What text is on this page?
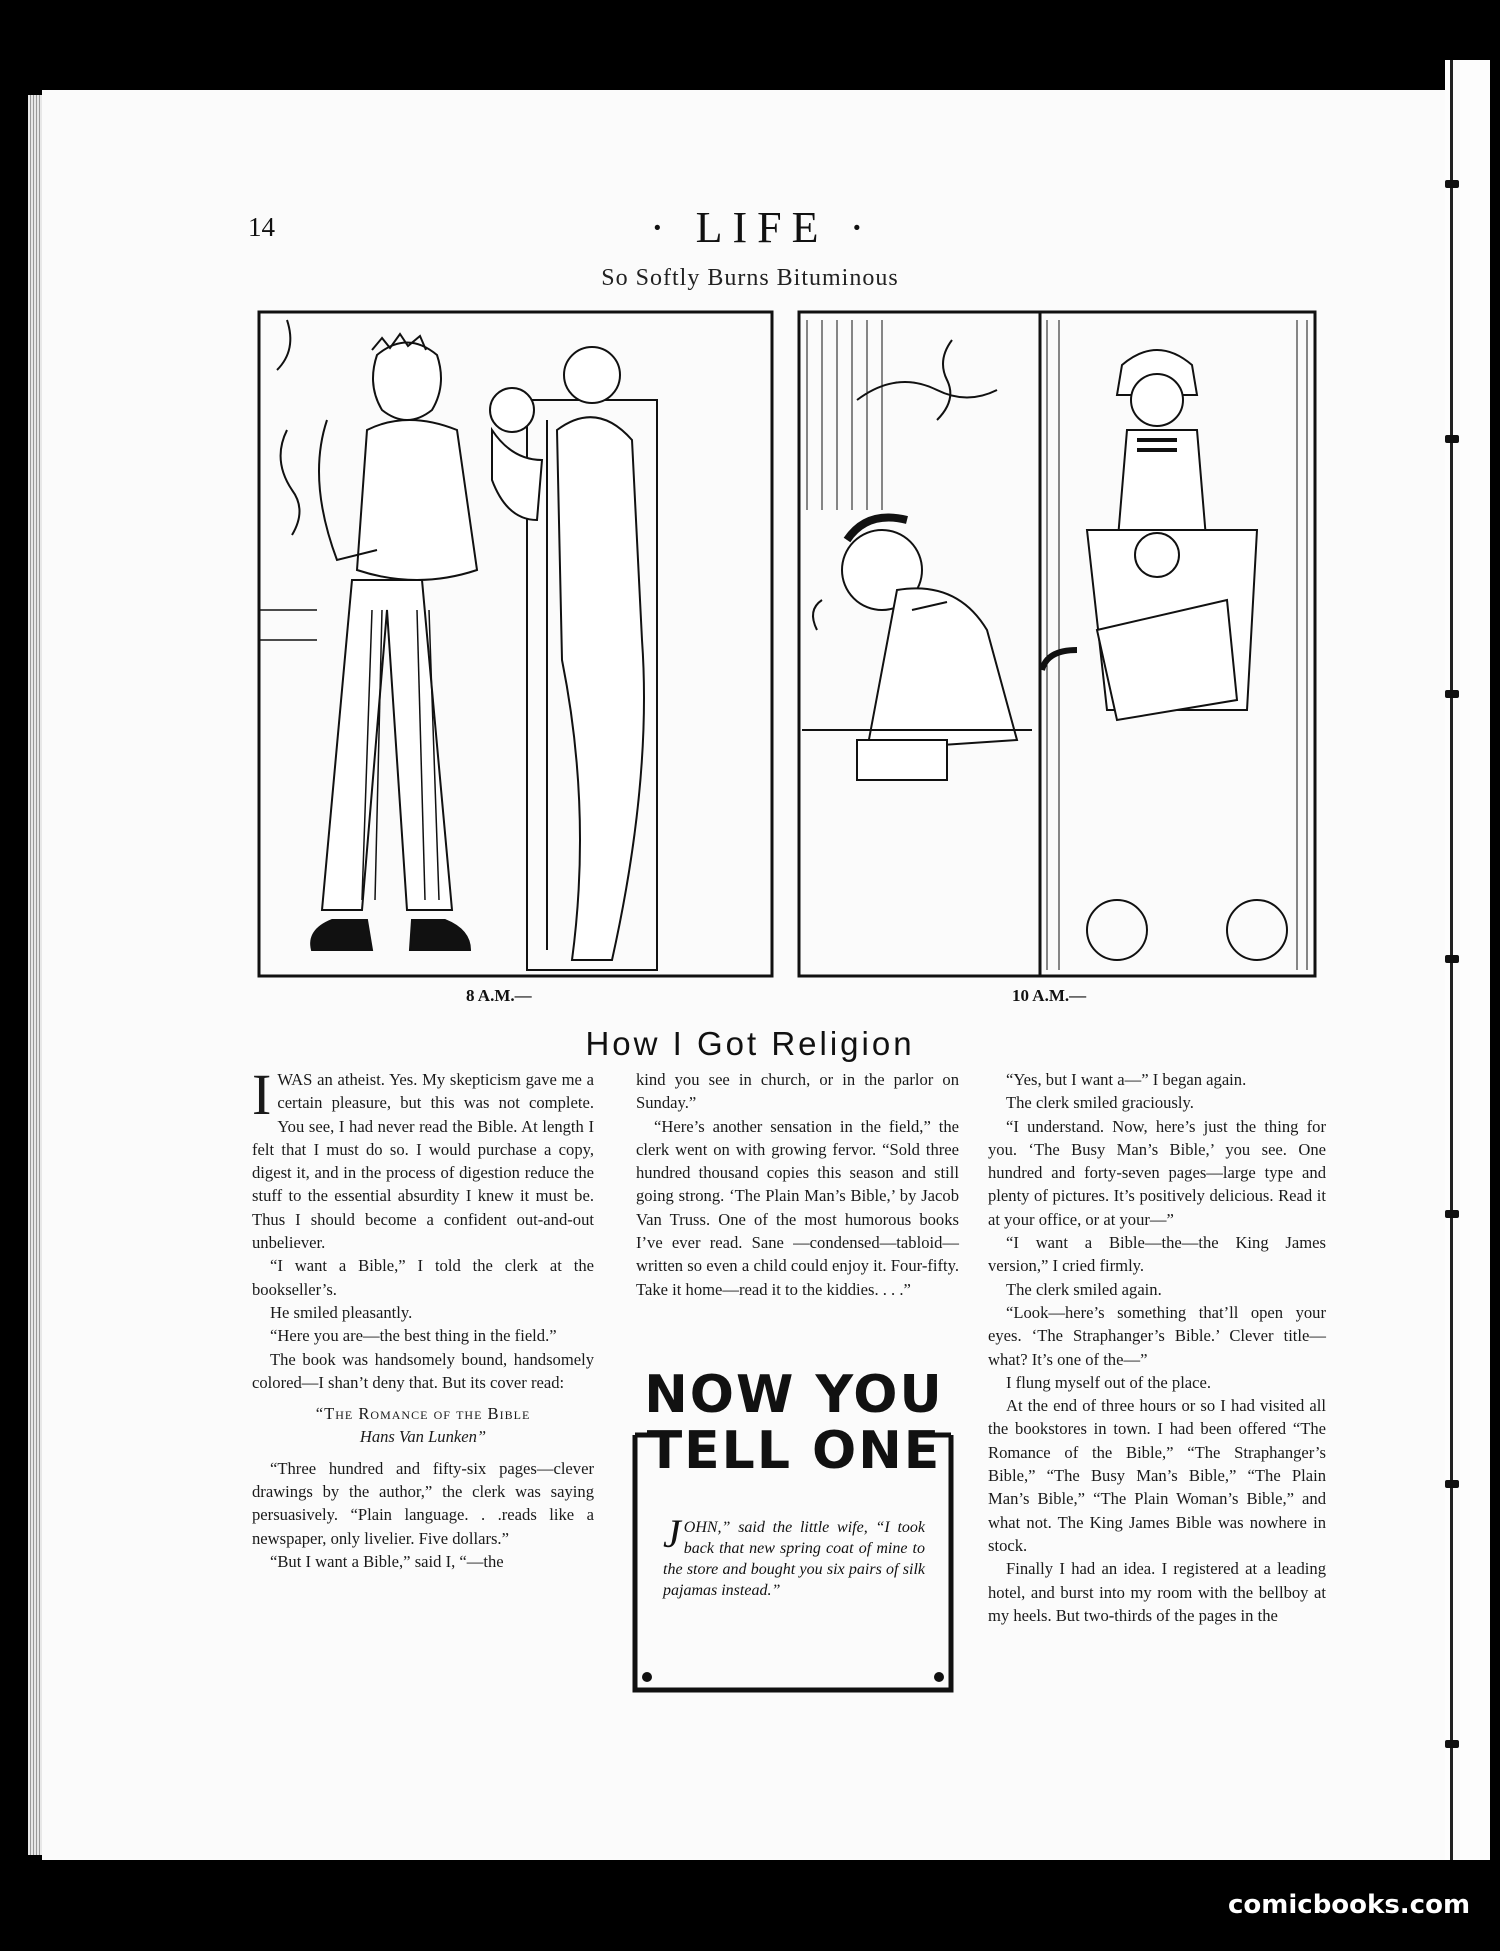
14	· LIFE ·
So Softly Burns Bituminous
8 A.M.—	10 A.M.—
How I Got Religion

IWAS an atheist. Yes. My skepticism gave me a certain pleasure, but this was not complete. You see, I had never read the Bible. At length I felt that I must do so. I would purchase a copy, digest it, and in the process of digestion reduce the stuff to the essential absurdity I knew it must be. Thus I should become a confident out-and-out unbeliever.

“I want a Bible,” I told the clerk at the bookseller’s.

He smiled pleasantly.

“Here you are—the best thing in the field.”

The book was handsomely bound, handsomely colored—I shan’t deny that. But its cover read:

“The Romance of the Bible

Hans Van Lunken”

“Three hundred and fifty-six pages—clever drawings by the author,” the clerk was saying persuasively. “Plain language. . .reads like a newspaper, only livelier. Five dollars.”

“But I want a Bible,” said I, “—the

kind you see in church, or in the parlor on Sunday.”

“Here’s another sensation in the field,” the clerk went on with growing fervor. “Sold three hundred thousand copies this season and still going strong. ‘The Plain Man’s Bible,’ by Jacob Van Truss. One of the most humorous books I’ve ever read. Sane —condensed—tabloid—written so even a child could enjoy it. Four-fifty. Take it home—read it to the kiddies. . . .”

NOW YOU
TELL ONE
JOHN,” said the little wife, “I took back that new spring coat of mine to the store and bought you six pairs of silk pajamas instead.”

“Yes, but I want a—” I began again.

The clerk smiled graciously.

“I understand. Now, here’s just the thing for you. ‘The Busy Man’s Bible,’ you see. One hundred and forty-seven pages—large type and plenty of pictures. It’s positively delicious. Read it at your office, or at your—”

“I want a Bible—the—the King James version,” I cried firmly.

The clerk smiled again.

“Look—here’s something that’ll open your eyes. ‘The Straphanger’s Bible.’ Clever title—what? It’s one of the—”

I flung myself out of the place.

At the end of three hours or so I had visited all the bookstores in town. I had been offered “The Romance of the Bible,” “The Straphanger’s Bible,” “The Busy Man’s Bible,” “The Plain Man’s Bible,” “The Plain Woman’s Bible,” and what not. The King James Bible was nowhere in stock.

Finally I had an idea. I registered at a leading hotel, and burst into my room with the bellboy at my heels. But two-thirds of the pages in the

comicbooks.com
